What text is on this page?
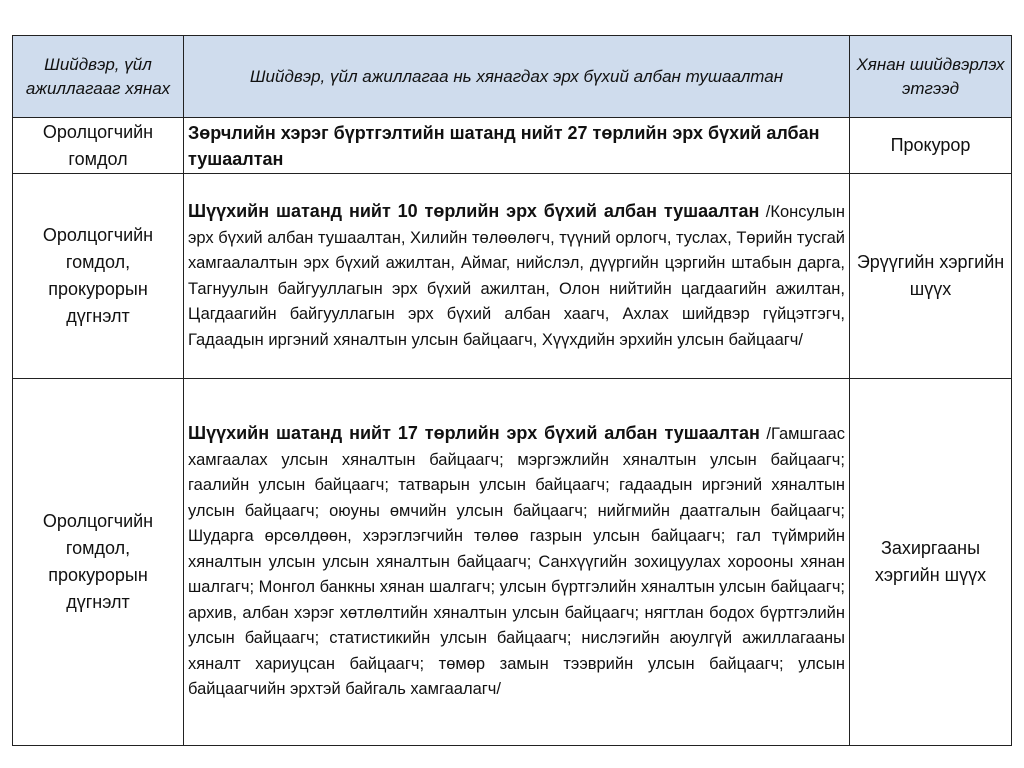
Шийдвэр, үйл ажиллагааг хянах	Шийдвэр, үйл ажиллагаа нь хянагдах эрх бүхий албан тушаалтан	Хянан шийдвэрлэх этгээд
Оролцогчийн гомдол	Зөрчлийн хэрэг бүртгэлтийн шатанд нийт 27 төрлийн эрх бүхий албан тушаалтан	Прокурор
Оролцогчийн гомдол, прокурорын дүгнэлт	Шүүхийн шатанд нийт 10 төрлийн эрх бүхий албан тушаалтан /Консулын эрх бүхий албан тушаалтан, Хилийн төлөөлөгч, түүний орлогч, туслах, Төрийн тусгай хамгаалалтын эрх бүхий ажилтан, Аймаг, нийслэл, дүүргийн цэргийн штабын дарга, Тагнуулын байгууллагын эрх бүхий ажилтан, Олон нийтийн цагдаагийн ажилтан, Цагдаагийн байгууллагын эрх бүхий албан хаагч, Ахлах шийдвэр гүйцэтгэгч, Гадаадын иргэний хяналтын улсын байцаагч, Хүүхдийн эрхийн улсын байцаагч/	Эрүүгийн хэргийн шүүх
Оролцогчийн гомдол, прокурорын дүгнэлт	Шүүхийн шатанд нийт 17 төрлийн эрх бүхий албан тушаалтан /Гамшгаас хамгаалах улсын хяналтын байцаагч; мэргэжлийн хяналтын улсын байцаагч; гаалийн улсын байцаагч; татварын улсын байцаагч; гадаадын иргэний хяналтын улсын байцаагч; оюуны өмчийн улсын байцаагч; нийгмийн даатгалын байцаагч; Шударга өрсөлдөөн, хэрэглэгчийн төлөө газрын улсын байцаагч; гал түймрийн хяналтын улсын улсын хяналтын байцаагч; Санхүүгийн зохицуулах хорооны хянан шалгагч; Монгол банкны хянан шалгагч; улсын бүртгэлийн хяналтын улсын байцаагч; архив, албан хэрэг хөтлөлтийн хяналтын улсын байцаагч; нягтлан бодох бүртгэлийн улсын байцаагч; статистикийн улсын байцаагч; нислэгийн аюулгүй ажиллагааны хяналт хариуцсан байцаагч; төмөр замын тээврийн улсын байцаагч; улсын байцаагчийн эрхтэй байгаль хамгаалагч/	Захиргааны хэргийн шүүх
